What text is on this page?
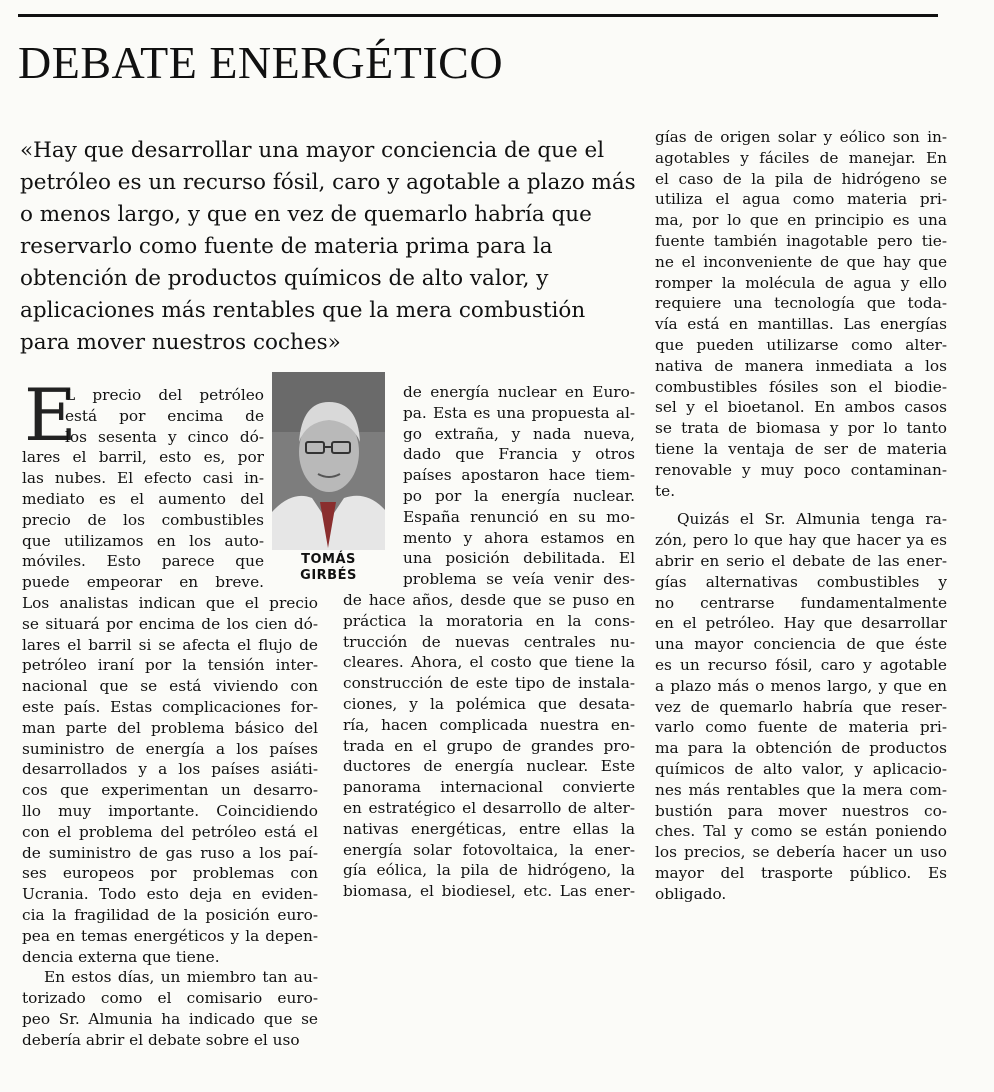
DEBATE ENERGÉTICO
«Hay que desarrollar una mayor conciencia de que el
petróleo es un recurso fósil, caro y agotable a plazo más
o menos largo, y que en vez de quemarlo habría que
reservarlo como fuente de materia prima para la
obtención de productos químicos de alto valor, y
aplicaciones más rentables que la mera combustión
para mover nuestros coches»
E
TOMÁS
GIRBÉS
L precio del petróleo
está por encima de
los sesenta y cinco dó-
lares el barril, esto es, por
las nubes. El efecto casi in-
mediato es el aumento del
precio de los combustibles
que utilizamos en los auto-
móviles. Esto parece que
puede empeorar en breve.
Los analistas indican que el precio
se situará por encima de los cien dó-
lares el barril si se afecta el flujo de
petróleo iraní por la tensión inter-
nacional que se está viviendo con
este país. Estas complicaciones for-
man parte del problema básico del
suministro de energía a los países
desarrollados y a los países asiáti-
cos que experimentan un desarro-
llo muy importante. Coincidiendo
con el problema del petróleo está el
de suministro de gas ruso a los paí-
ses europeos por problemas con
Ucrania. Todo esto deja en eviden-
cia la fragilidad de la posición euro-
pea en temas energéticos y la depen-
dencia externa que tiene.
En estos días, un miembro tan au-
torizado como el comisario euro-
peo Sr. Almunia ha indicado que se
debería abrir el debate sobre el uso
de energía nuclear en Euro-
pa. Esta es una propuesta al-
go extraña, y nada nueva,
dado que Francia y otros
países apostaron hace tiem-
po por la energía nuclear.
España renunció en su mo-
mento y ahora estamos en
una posición debilitada. El
problema se veía venir des-
de hace años, desde que se puso en
práctica la moratoria en la cons-
trucción de nuevas centrales nu-
cleares. Ahora, el costo que tiene la
construcción de este tipo de instala-
ciones, y la polémica que desata-
ría, hacen complicada nuestra en-
trada en el grupo de grandes pro-
ductores de energía nuclear. Este
panorama internacional convierte
en estratégico el desarrollo de alter-
nativas energéticas, entre ellas la
energía solar fotovoltaica, la ener-
gía eólica, la pila de hidrógeno, la
biomasa, el biodiesel, etc. Las ener-
gías de origen solar y eólico son in-
agotables y fáciles de manejar. En
el caso de la pila de hidrógeno se
utiliza el agua como materia pri-
ma, por lo que en principio es una
fuente también inagotable pero tie-
ne el inconveniente de que hay que
romper la molécula de agua y ello
requiere una tecnología que toda-
vía está en mantillas. Las energías
que pueden utilizarse como alter-
nativa de manera inmediata a los
combustibles fósiles son el biodie-
sel y el bioetanol. En ambos casos
se trata de biomasa y por lo tanto
tiene la ventaja de ser de materia
renovable y muy poco contaminan-
te.
Quizás el Sr. Almunia tenga ra-
zón, pero lo que hay que hacer ya es
abrir en serio el debate de las ener-
gías alternativas combustibles y
no centrarse fundamentalmente
en el petróleo. Hay que desarrollar
una mayor conciencia de que éste
es un recurso fósil, caro y agotable
a plazo más o menos largo, y que en
vez de quemarlo habría que reser-
varlo como fuente de materia pri-
ma para la obtención de productos
químicos de alto valor, y aplicacio-
nes más rentables que la mera com-
bustión para mover nuestros co-
ches. Tal y como se están poniendo
los precios, se debería hacer un uso
mayor del trasporte público. Es
obligado.
